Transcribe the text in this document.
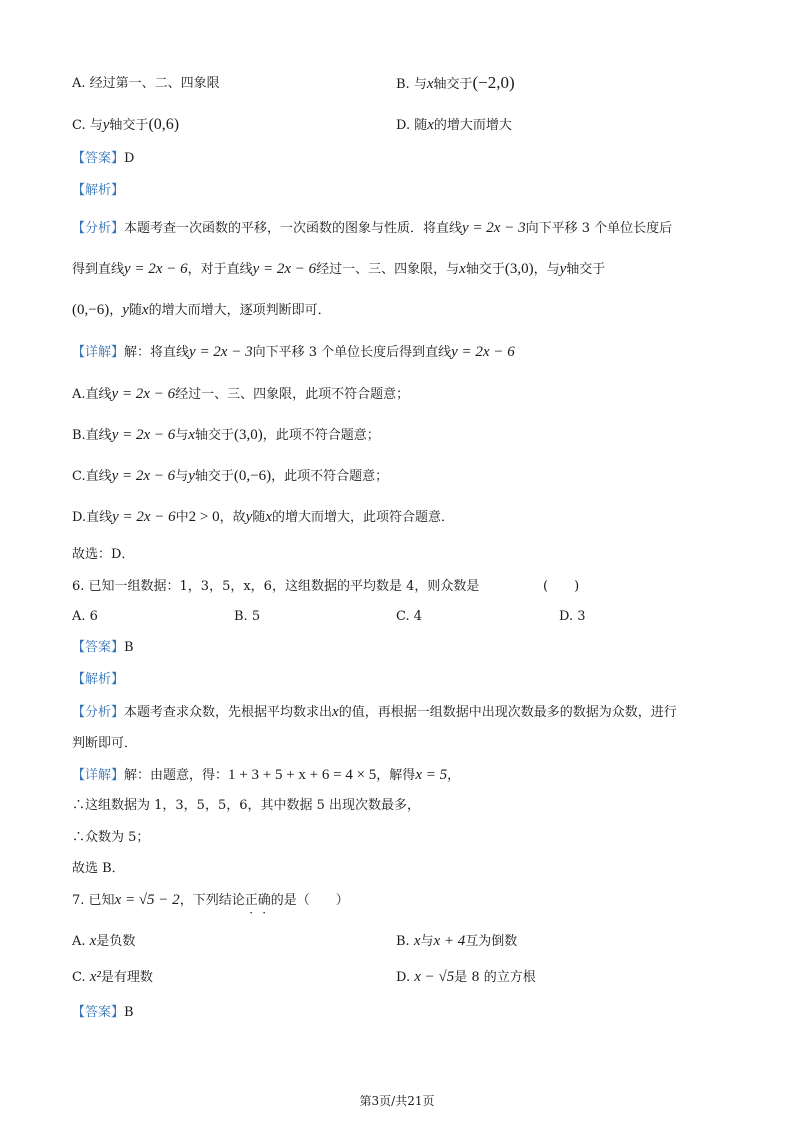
A. 经过第一、二、四象限	B. 与x轴交于(−2,0)
C. 与y轴交于(0,6)	D. 随x的增大而增大
【答案】D
【解析】
【分析】本题考查一次函数的平移，一次函数的图象与性质．将直线y = 2x − 3向下平移 3 个单位长度后
得到直线y = 2x − 6，对于直线y = 2x − 6经过一、三、四象限，与x轴交于(3,0)，与y轴交于
(0,−6)，y随x的增大而增大，逐项判断即可．
【详解】解：将直线y = 2x − 3向下平移 3 个单位长度后得到直线y = 2x − 6
A.直线y = 2x − 6经过一、三、四象限，此项不符合题意；
B.直线y = 2x − 6与x轴交于(3,0)，此项不符合题意；
C.直线y = 2x − 6与y轴交于(0,−6)，此项不符合题意；
D.直线y = 2x − 6中2 > 0，故y随x的增大而增大，此项符合题意．
故选：D．
6. 已知一组数据：1，3，5，x，6，这组数据的平均数是 4，则众数是	(　　)
A. 6	B. 5	C. 4	D. 3
【答案】B
【解析】
【分析】本题考查求众数，先根据平均数求出x的值，再根据一组数据中出现次数最多的数据为众数，进行
判断即可．
【详解】解：由题意，得：1 + 3 + 5 + x + 6 = 4 × 5，解得x = 5，
∴这组数据为 1，3，5，5，6，其中数据 5 出现次数最多，
∴众数为 5；
故选 B．
7. 已知x = √5 − 2，下列结论正确的是（　　）
A. x是负数	B. x与x + 4互为倒数
C. x²是有理数	D. x − √5是 8 的立方根
【答案】B
第3页/共21页
